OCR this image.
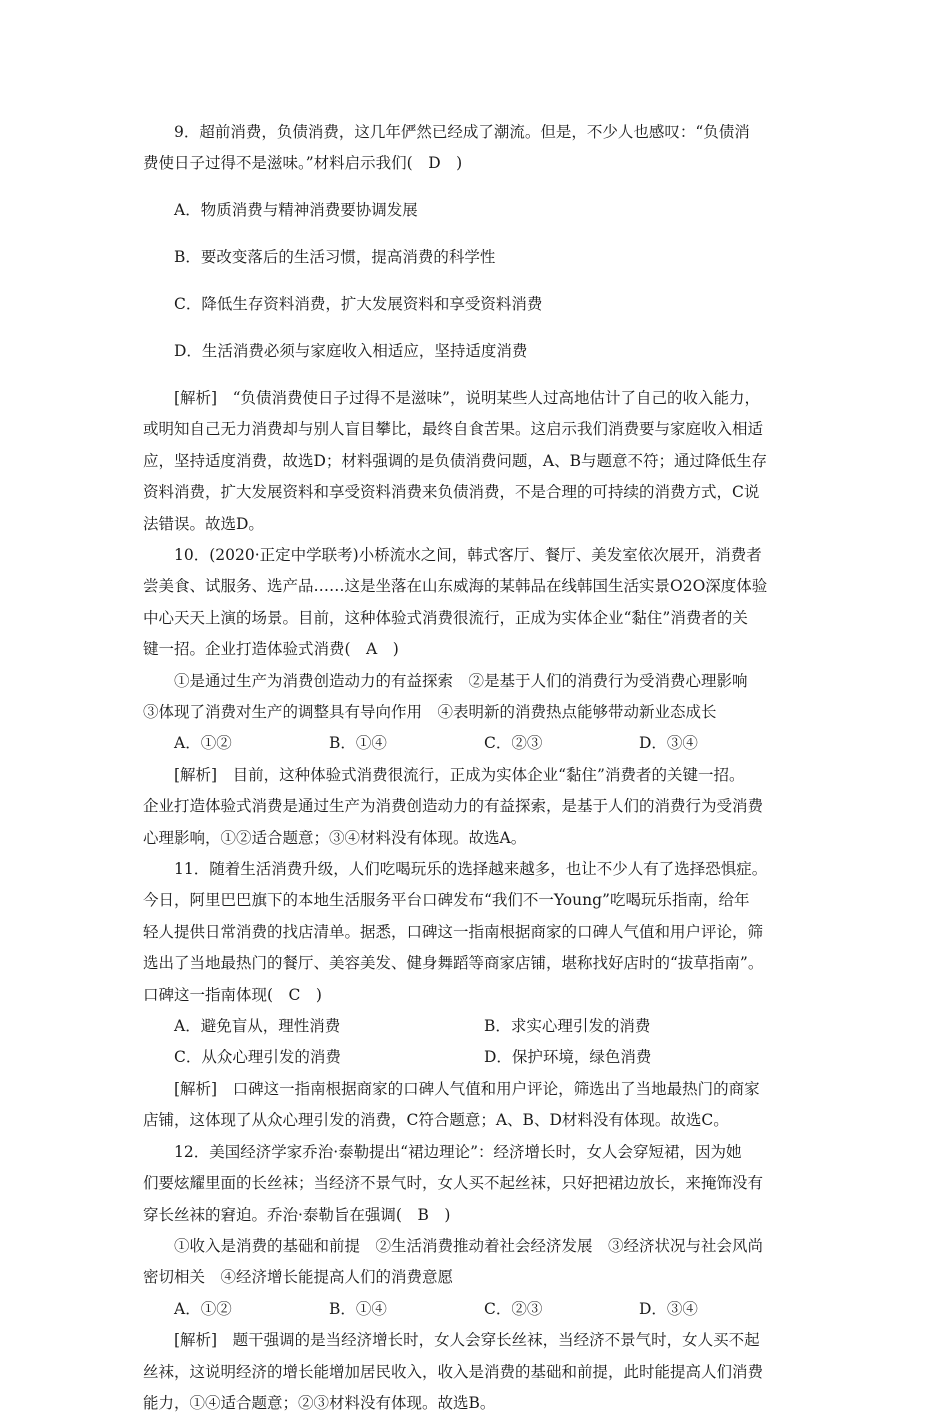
9．超前消费，负债消费，这几年俨然已经成了潮流。但是，不少人也感叹：“负债消

费使日子过得不是滋味。”材料启示我们(　D　)

A．物质消费与精神消费要协调发展

B．要改变落后的生活习惯，提高消费的科学性

C．降低生存资料消费，扩大发展资料和享受资料消费

D．生活消费必须与家庭收入相适应，坚持适度消费

[解析]　“负债消费使日子过得不是滋味”，说明某些人过高地估计了自己的收入能力，

或明知自己无力消费却与别人盲目攀比，最终自食苦果。这启示我们消费要与家庭收入相适

应，坚持适度消费，故选D；材料强调的是负债消费问题，A、B与题意不符；通过降低生存

资料消费，扩大发展资料和享受资料消费来负债消费，不是合理的可持续的消费方式，C说

法错误。故选D。

10．(2020·正定中学联考)小桥流水之间，韩式客厅、餐厅、美发室依次展开，消费者

尝美食、试服务、选产品……这是坐落在山东威海的某韩品在线韩国生活实景O2O深度体验

中心天天上演的场景。目前，这种体验式消费很流行，正成为实体企业“黏住”消费者的关

键一招。企业打造体验式消费(　A　)

①是通过生产为消费创造动力的有益探索　②是基于人们的消费行为受消费心理影响

③体现了消费对生产的调整具有导向作用　④表明新的消费热点能够带动新业态成长

A．①②	B．①④	C．②③	D．③④

[解析]　目前，这种体验式消费很流行，正成为实体企业“黏住”消费者的关键一招。

企业打造体验式消费是通过生产为消费创造动力的有益探索，是基于人们的消费行为受消费

心理影响，①②适合题意；③④材料没有体现。故选A。

11．随着生活消费升级，人们吃喝玩乐的选择越来越多，也让不少人有了选择恐惧症。

今日，阿里巴巴旗下的本地生活服务平台口碑发布“我们不一Young”吃喝玩乐指南，给年

轻人提供日常消费的找店清单。据悉，口碑这一指南根据商家的口碑人气值和用户评论，筛

选出了当地最热门的餐厅、美容美发、健身舞蹈等商家店铺，堪称找好店时的“拔草指南”。

口碑这一指南体现(　C　)

A．避免盲从，理性消费	B．求实心理引发的消费
C．从众心理引发的消费	D．保护环境，绿色消费

[解析]　口碑这一指南根据商家的口碑人气值和用户评论，筛选出了当地最热门的商家

店铺，这体现了从众心理引发的消费，C符合题意；A、B、D材料没有体现。故选C。

12．美国经济学家乔治·泰勒提出“裙边理论”：经济增长时，女人会穿短裙，因为她

们要炫耀里面的长丝袜；当经济不景气时，女人买不起丝袜，只好把裙边放长，来掩饰没有

穿长丝袜的窘迫。乔治·泰勒旨在强调(　B　)

①收入是消费的基础和前提　②生活消费推动着社会经济发展　③经济状况与社会风尚

密切相关　④经济增长能提高人们的消费意愿

A．①②	B．①④	C．②③	D．③④

[解析]　题干强调的是当经济增长时，女人会穿长丝袜，当经济不景气时，女人买不起

丝袜，这说明经济的增长能增加居民收入，收入是消费的基础和前提，此时能提高人们消费

能力，①④适合题意；②③材料没有体现。故选B。
